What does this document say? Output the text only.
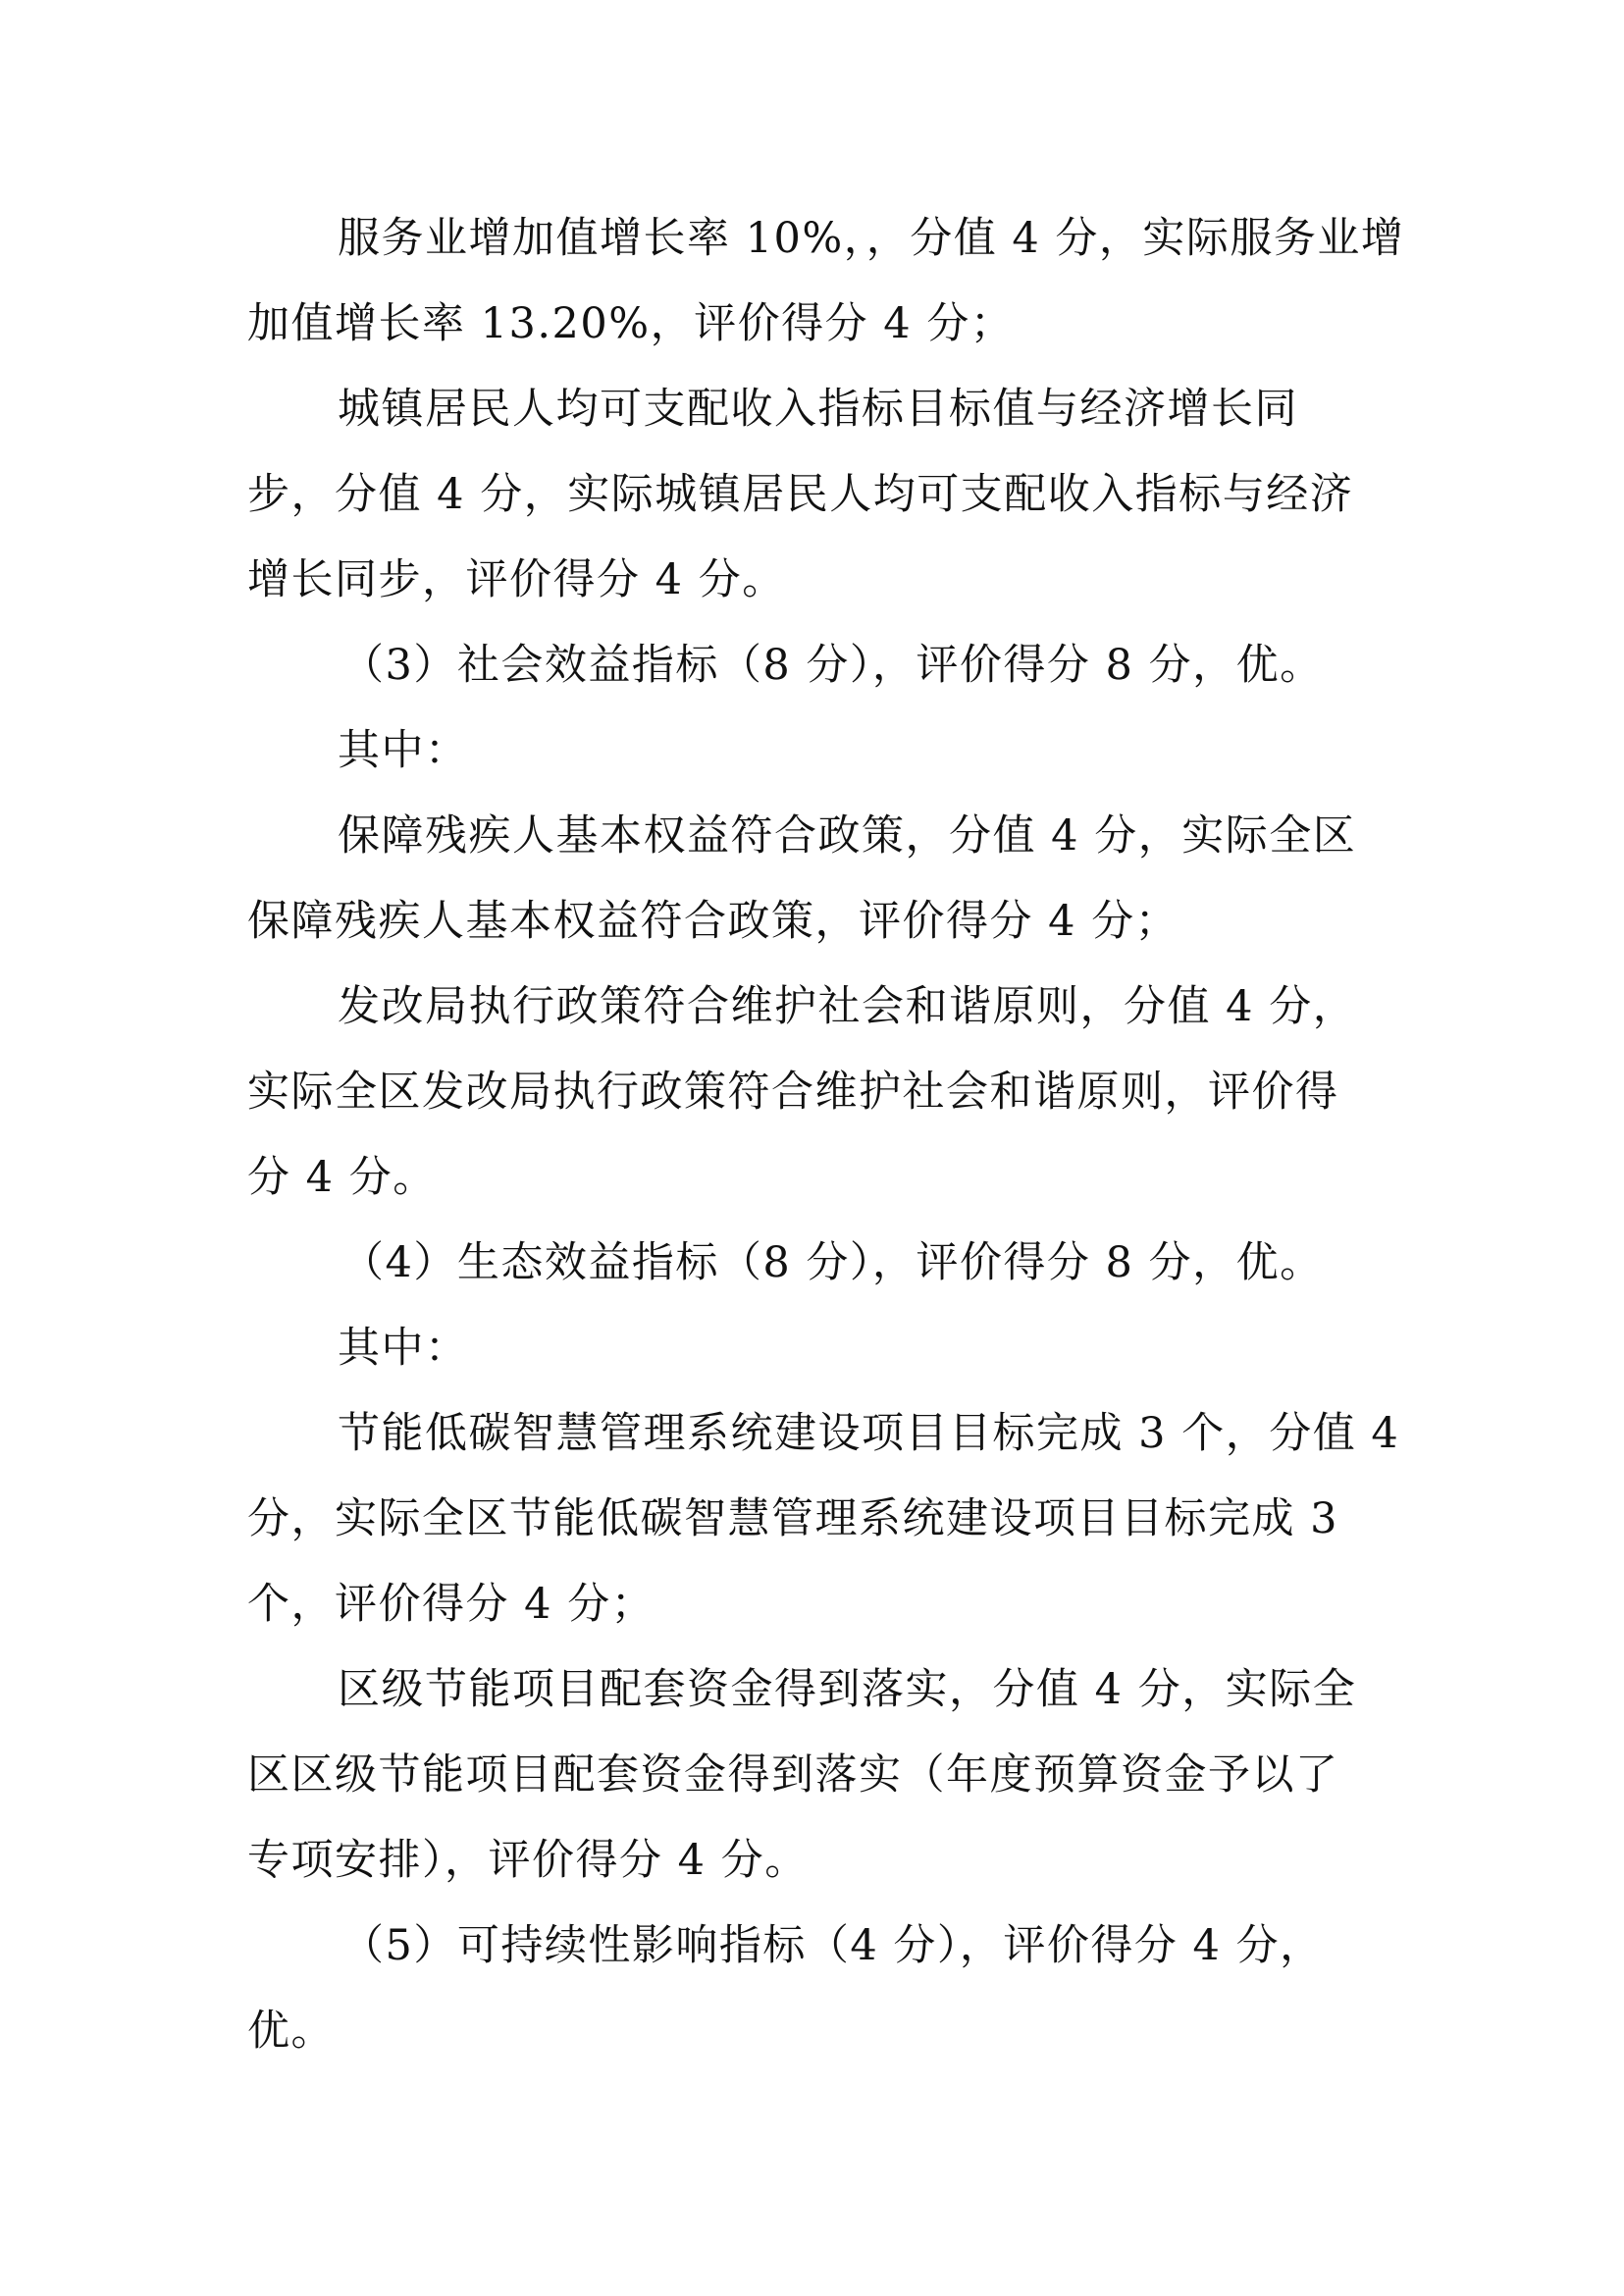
服务业增加值增长率 10%，，分值 4 分，实际服务业增
加值增长率 13.20%，评价得分 4 分；
城镇居民人均可支配收入指标目标值与经济增长同
步，分值 4 分，实际城镇居民人均可支配收入指标与经济
增长同步，评价得分 4 分。
（3）社会效益指标（8 分），评价得分 8 分，优。
其中：
保障残疾人基本权益符合政策，分值 4 分，实际全区
保障残疾人基本权益符合政策，评价得分 4 分；
发改局执行政策符合维护社会和谐原则，分值 4 分，
实际全区发改局执行政策符合维护社会和谐原则，评价得
分 4 分。
（4）生态效益指标（8 分），评价得分 8 分，优。
其中：
节能低碳智慧管理系统建设项目目标完成 3 个，分值 4
分，实际全区节能低碳智慧管理系统建设项目目标完成 3
个，评价得分 4 分；
区级节能项目配套资金得到落实，分值 4 分，实际全
区区级节能项目配套资金得到落实（年度预算资金予以了
专项安排），评价得分 4 分。
（5）可持续性影响指标（4 分），评价得分 4 分，
优。
